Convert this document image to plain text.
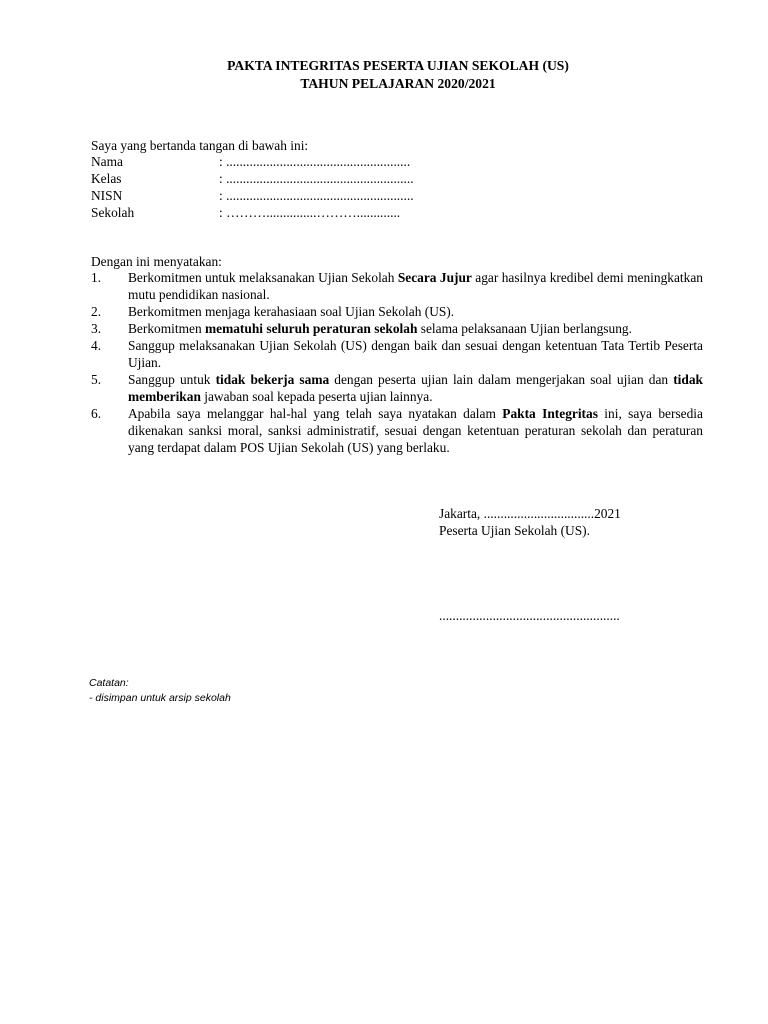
PAKTA INTEGRITAS PESERTA UJIAN SEKOLAH (US)
TAHUN PELAJARAN 2020/2021
Saya yang bertanda tangan di bawah ini:
Nama	: .......................................................
Kelas	: ........................................................
NISN	: ........................................................
Sekolah	: ………...............……….............
Dengan ini menyatakan:
1.	Berkomitmen untuk melaksanakan Ujian Sekolah Secara Jujur agar hasilnya kredibel demi meningkatkan mutu pendidikan nasional.
2.	Berkomitmen menjaga kerahasiaan soal Ujian Sekolah (US).
3.	Berkomitmen mematuhi seluruh peraturan sekolah selama pelaksanaan Ujian berlangsung.
4.	Sanggup melaksanakan Ujian Sekolah (US) dengan baik dan sesuai dengan ketentuan Tata Tertib Peserta Ujian.
5.	Sanggup untuk tidak bekerja sama dengan peserta ujian lain dalam mengerjakan soal ujian dan tidak memberikan jawaban soal kepada peserta ujian lainnya.
6.	Apabila saya melanggar hal-hal yang telah saya nyatakan dalam Pakta Integritas ini, saya bersedia dikenakan sanksi moral, sanksi administratif, sesuai dengan ketentuan peraturan sekolah dan peraturan yang terdapat dalam POS Ujian Sekolah (US) yang berlaku.
Jakarta, .................................2021
Peserta Ujian Sekolah (US).
......................................................
Catatan:
- disimpan untuk arsip sekolah
